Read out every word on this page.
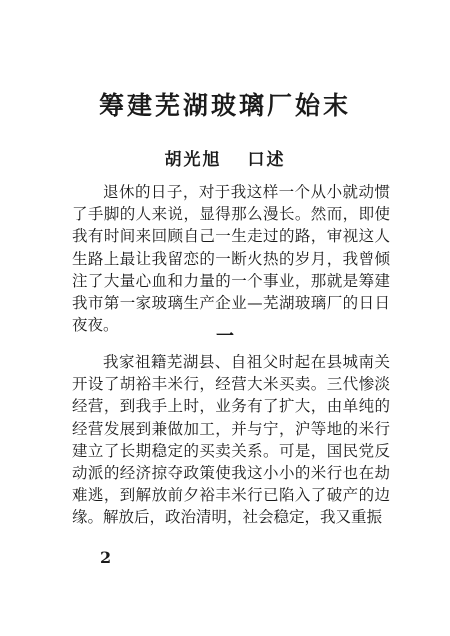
筹建芜湖玻璃厂始末
胡光旭 口述

退休的日子，对于我这样一个从小就动惯了手脚的人来说，显得那么漫长。然而，即使我有时间来回顾自己一生走过的路，审视这人生路上最让我留恋的一断火热的岁月，我曾倾注了大量心血和力量的一个事业，那就是筹建我市第一家玻璃生产企业—芜湖玻璃厂的日日夜夜。

一

我家祖籍芜湖县、自祖父时起在县城南关开设了胡裕丰米行，经营大米买卖。三代惨淡经营，到我手上时，业务有了扩大，由单纯的经营发展到兼做加工，并与宁，沪等地的米行建立了长期稳定的买卖关系。可是，国民党反动派的经济掠夺政策使我这小小的米行也在劫难逃，到解放前夕裕丰米行已陷入了破产的边缘。解放后，政治清明，社会稳定，我又重振

2
